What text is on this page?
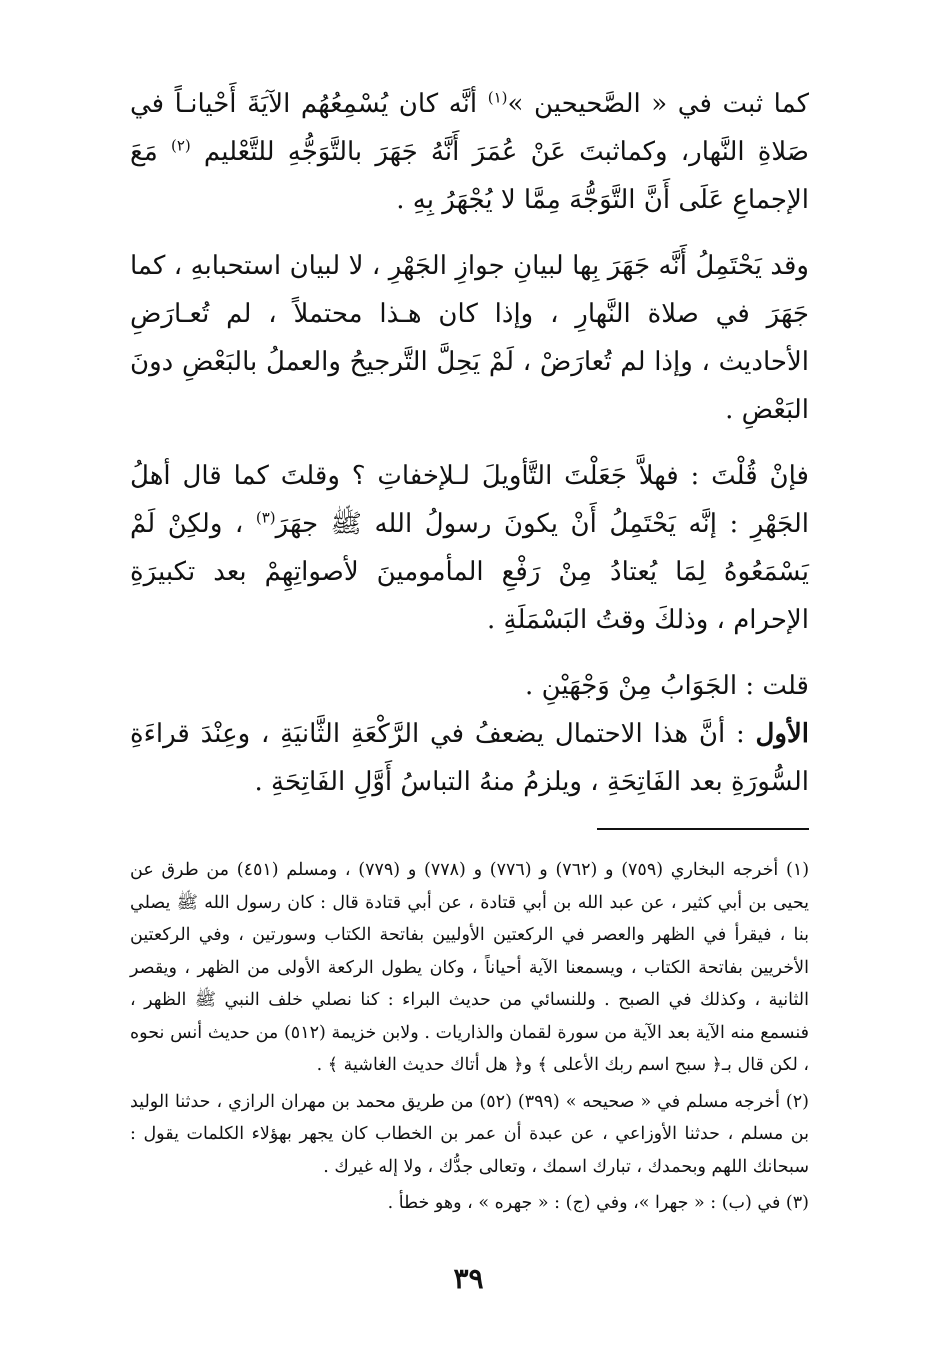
كما ثبت في « الصَّحيحين »$^{(١)}$ أنَّه كان يُسْمِعُهُم الآيَةَ أَحْيانـاً في صَلاةِ النَّهار، وكماثبتَ عَنْ عُمَرَ أَنَّهُ جَهَرَ بالتَّوَجُّهِ للتَّعْليم $^{(٢)}$ مَعَ الإجماعِ عَلَى أَنَّ التَّوَجُّهَ مِمَّا لا يُجْهَرُ بِهِ .

وقد يَحْتَمِلُ أَنَّه جَهَرَ بِها لبيانِ جوازِ الجَهْرِ ، لا لبيان استحبابهِ ، كما جَهَرَ في صلاة النَّهارِ ، وإذا كان هـذا محتملاً ، لم تُعـارَضِ الأحاديث ، وإذا لم تُعارَضْ ، لَمْ يَحِلَّ التَّرجيحُ والعملُ بالبَعْضِ دونَ البَعْضِ .

فإنْ قُلْتَ : فهلاَّ جَعَلْتَ التَّأويلَ لـلإخفاتِ ؟ وقلتَ كما قال أهلُ الجَهْرِ : إنَّه يَحْتَمِلُ أَنْ يكونَ رسولُ الله ﷺ جهَرَ$^{(٣)}$ ، ولكِنْ لَمْ يَسْمَعُوهُ لِمَا يُعتادُ مِنْ رَفْعِ المأمومينَ لأصواتِهِمْ بعد تكبيرَةِ الإحرام ، وذلكَ وقتُ البَسْمَلَةِ .

قلت : الجَوَابُ مِنْ وَجْهَيْنِ .

الأول : أنَّ هذا الاحتمال يضعفُ في الرَّكْعَةِ الثَّانيَةِ ، وعِنْدَ قراءَةِ السُّورَةِ بعد الفَاتِحَةِ ، ويلزمُ منهُ التباسُ أَوَّلِ الفَاتِحَةِ .

(١) أخرجه البخاري (٧٥٩) و (٧٦٢) و (٧٧٦) و (٧٧٨) و (٧٧٩) ، ومسلم (٤٥١) من طرق عن يحيى بن أبي كثير ، عن عبد الله بن أبي قتادة ، عن أبي قتادة قال : كان رسول الله ﷺ يصلي بنا ، فيقرأ في الظهر والعصر في الركعتين الأوليين بفاتحة الكتاب وسورتين ، وفي الركعتين الأخريين بفاتحة الكتاب ، ويسمعنا الآية أحياناً ، وكان يطول الركعة الأولى من الظهر ، ويقصر الثانية ، وكذلك في الصبح . وللنسائي من حديث البراء : كنا نصلي خلف النبي ﷺ الظهر ، فنسمع منه الآية بعد الآية من سورة لقمان والذاريات . ولابن خزيمة (٥١٢) من حديث أنس نحوه ، لكن قال بـ﴿ سبح اسم ربك الأعلى ﴾ و﴿ هل أتاك حديث الغاشية ﴾ .

(٢) أخرجه مسلم في « صحيحه » (٣٩٩) (٥٢) من طريق محمد بن مهران الرازي ، حدثنا الوليد بن مسلم ، حدثنا الأوزاعي ، عن عبدة أن عمر بن الخطاب كان يجهر بهؤلاء الكلمات يقول : سبحانك اللهم وبحمدك ، تبارك اسمك ، وتعالى جدُّك ، ولا إله غيرك .

(٣) في (ب) : « جهرا »، وفي (ج) : « جهره » ، وهو خطأ .

٣٩
